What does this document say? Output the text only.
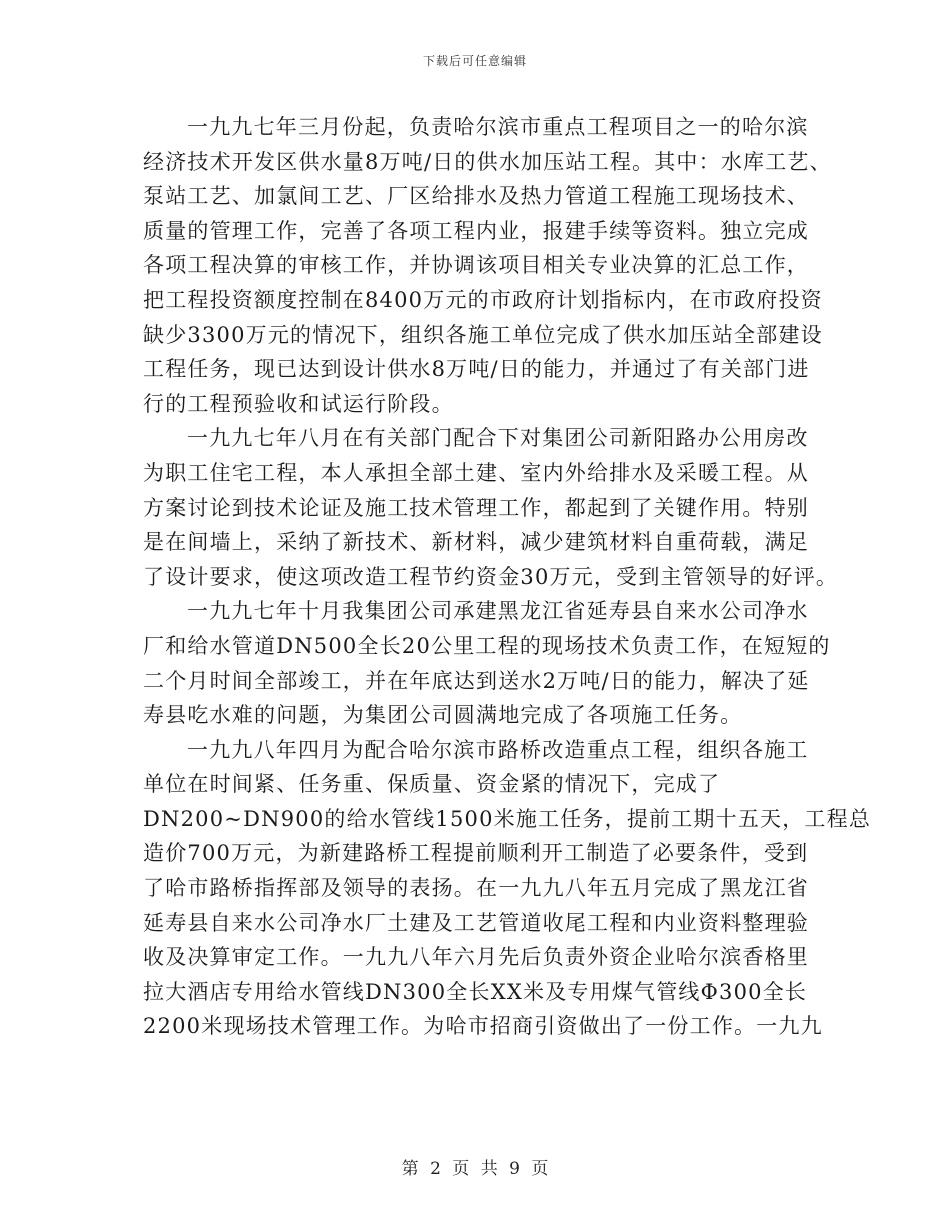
下载后可任意编辑
一九九七年三月份起，负责哈尔滨市重点工程项目之一的哈尔滨
经济技术开发区供水量8万吨/日的供水加压站工程。其中：水库工艺、
泵站工艺、加氯间工艺、厂区给排水及热力管道工程施工现场技术、
质量的管理工作，完善了各项工程内业，报建手续等资料。独立完成
各项工程决算的审核工作，并协调该项目相关专业决算的汇总工作，
把工程投资额度控制在8400万元的市政府计划指标内，在市政府投资
缺少3300万元的情况下，组织各施工单位完成了供水加压站全部建设
工程任务，现已达到设计供水8万吨/日的能力，并通过了有关部门进
行的工程预验收和试运行阶段。
一九九七年八月在有关部门配合下对集团公司新阳路办公用房改
为职工住宅工程，本人承担全部土建、室内外给排水及采暖工程。从
方案讨论到技术论证及施工技术管理工作，都起到了关键作用。特别
是在间墙上，采纳了新技术、新材料，减少建筑材料自重荷载，满足
了设计要求，使这项改造工程节约资金30万元，受到主管领导的好评。
一九九七年十月我集团公司承建黑龙江省延寿县自来水公司净水
厂和给水管道DN500全长20公里工程的现场技术负责工作，在短短的
二个月时间全部竣工，并在年底达到送水2万吨/日的能力，解决了延
寿县吃水难的问题，为集团公司圆满地完成了各项施工任务。
一九九八年四月为配合哈尔滨市路桥改造重点工程，组织各施工
单位在时间紧、任务重、保质量、资金紧的情况下，完成了
DN200~DN900的给水管线1500米施工任务，提前工期十五天，工程总
造价700万元，为新建路桥工程提前顺利开工制造了必要条件，受到
了哈市路桥指挥部及领导的表扬。在一九九八年五月完成了黑龙江省
延寿县自来水公司净水厂土建及工艺管道收尾工程和内业资料整理验
收及决算审定工作。一九九八年六月先后负责外资企业哈尔滨香格里
拉大酒店专用给水管线DN300全长XX米及专用煤气管线Φ300全长
2200米现场技术管理工作。为哈市招商引资做出了一份工作。一九九
第 2 页 共 9 页
